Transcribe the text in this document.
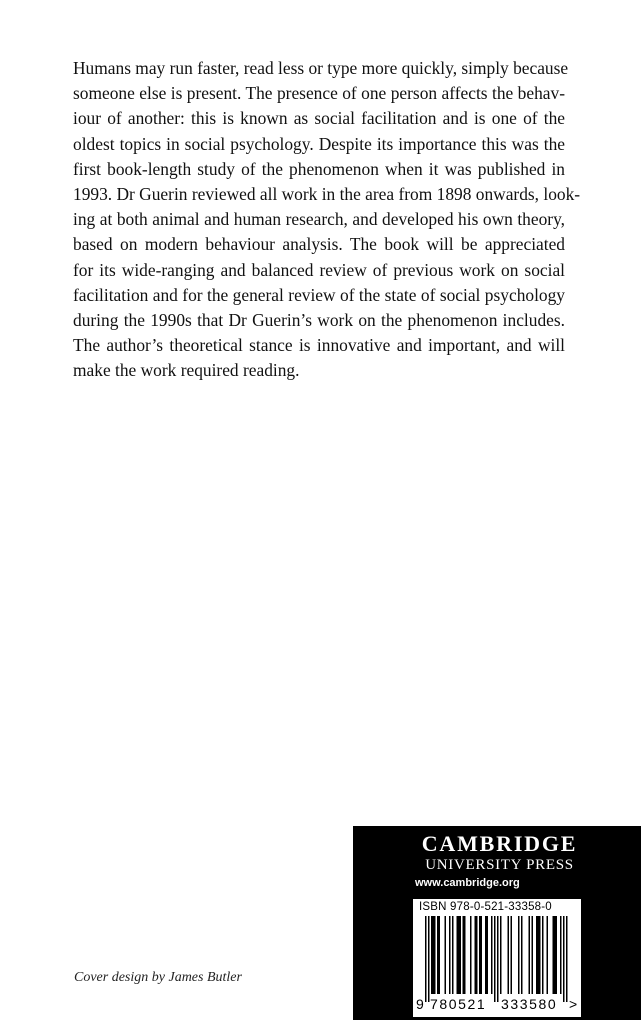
Humans may run faster, read less or type more quickly, simply because
someone else is present. The presence of one person affects the behav-
iour of another: this is known as social facilitation and is one of the
oldest topics in social psychology. Despite its importance this was the
first book-length study of the phenomenon when it was published in
1993. Dr Guerin reviewed all work in the area from 1898 onwards, look-
ing at both animal and human research, and developed his own theory,
based on modern behaviour analysis. The book will be appreciated
for its wide-ranging and balanced review of previous work on social
facilitation and for the general review of the state of social psychology
during the 1990s that Dr Guerin’s work on the phenomenon includes.
The author’s theoretical stance is innovative and important, and will
make the work required reading.
Cover design by James Butler
CAMBRIDGE
UNIVERSITY PRESS
www.cambridge.org
ISBN 978-0-521-33358-0
9 780521 333580 >
